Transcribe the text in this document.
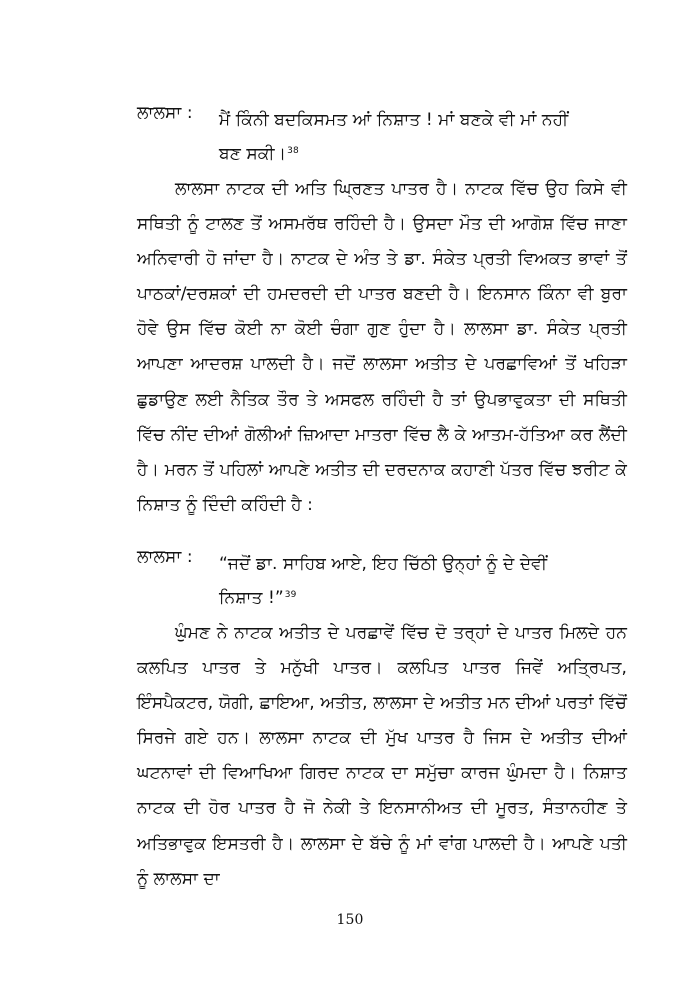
ਲਾਲਸਾ : ਮੈਂ ਕਿੰਨੀ ਬਦਕਿਸਮਤ ਆਂ ਨਿਸ਼ਾਤ ! ਮਾਂ ਬਣਕੇ ਵੀ ਮਾਂ ਨਹੀਂ

ਬਣ ਸਕੀ।$^{38}$

ਲਾਲਸਾ ਨਾਟਕ ਦੀ ਅਤਿ ਘ੍ਰਿਣਤ ਪਾਤਰ ਹੈ। ਨਾਟਕ ਵਿੱਚ ਉਹ ਕਿਸੇ ਵੀ ਸਥਿਤੀ ਨੂੰ ਟਾਲਣ ਤੋਂ ਅਸਮਰੱਥ ਰਹਿੰਦੀ ਹੈ। ਉਸਦਾ ਮੌਤ ਦੀ ਆਗੋਸ਼ ਵਿੱਚ ਜਾਣਾ ਅਨਿਵਾਰੀ ਹੋ ਜਾਂਦਾ ਹੈ। ਨਾਟਕ ਦੇ ਅੰਤ ਤੇ ਡਾ. ਸੰਕੇਤ ਪ੍ਰਤੀ ਵਿਅਕਤ ਭਾਵਾਂ ਤੋਂ ਪਾਠਕਾਂ/ਦਰਸ਼ਕਾਂ ਦੀ ਹਮਦਰਦੀ ਦੀ ਪਾਤਰ ਬਣਦੀ ਹੈ। ਇਨਸਾਨ ਕਿੰਨਾ ਵੀ ਬੁਰਾ ਹੋਵੇ ਉਸ ਵਿੱਚ ਕੋਈ ਨਾ ਕੋਈ ਚੰਗਾ ਗੁਣ ਹੁੰਦਾ ਹੈ। ਲਾਲਸਾ ਡਾ. ਸੰਕੇਤ ਪ੍ਰਤੀ ਆਪਣਾ ਆਦਰਸ਼ ਪਾਲਦੀ ਹੈ। ਜਦੋਂ ਲਾਲਸਾ ਅਤੀਤ ਦੇ ਪਰਛਾਵਿਆਂ ਤੋਂ ਖਹਿੜਾ ਛੁਡਾਉਣ ਲਈ ਨੈਤਿਕ ਤੌਰ ਤੇ ਅਸਫਲ ਰਹਿੰਦੀ ਹੈ ਤਾਂ ਉਪਭਾਵੁਕਤਾ ਦੀ ਸਥਿਤੀ ਵਿੱਚ ਨੀਂਦ ਦੀਆਂ ਗੋਲੀਆਂ ਜ਼ਿਆਦਾ ਮਾਤਰਾ ਵਿੱਚ ਲੈ ਕੇ ਆਤਮ-ਹੱਤਿਆ ਕਰ ਲੈਂਦੀ ਹੈ। ਮਰਨ ਤੋਂ ਪਹਿਲਾਂ ਆਪਣੇ ਅਤੀਤ ਦੀ ਦਰਦਨਾਕ ਕਹਾਣੀ ਪੱਤਰ ਵਿੱਚ ਝਰੀਟ ਕੇ ਨਿਸ਼ਾਤ ਨੂੰ ਦਿੰਦੀ ਕਹਿੰਦੀ ਹੈ :

ਲਾਲਸਾ : “ਜਦੋਂ ਡਾ. ਸਾਹਿਬ ਆਏ, ਇਹ ਚਿੱਠੀ ਉਨ੍ਹਾਂ ਨੂੰ ਦੇ ਦੇਵੀਂ

ਨਿਸ਼ਾਤ !”$^{39}$

ਘੁੰਮਣ ਨੇ ਨਾਟਕ ਅਤੀਤ ਦੇ ਪਰਛਾਵੇਂ ਵਿੱਚ ਦੋ ਤਰ੍ਹਾਂ ਦੇ ਪਾਤਰ ਮਿਲਦੇ ਹਨ ਕਲਪਿਤ ਪਾਤਰ ਤੇ ਮਨੁੱਖੀ ਪਾਤਰ। ਕਲਪਿਤ ਪਾਤਰ ਜਿਵੇਂ ਅਤ੍ਰਿਪਤ, ਇੰਸਪੈਕਟਰ, ਯੋਗੀ, ਛਾਇਆ, ਅਤੀਤ, ਲਾਲਸਾ ਦੇ ਅਤੀਤ ਮਨ ਦੀਆਂ ਪਰਤਾਂ ਵਿੱਚੋਂ ਸਿਰਜੇ ਗਏ ਹਨ। ਲਾਲਸਾ ਨਾਟਕ ਦੀ ਮੁੱਖ ਪਾਤਰ ਹੈ ਜਿਸ ਦੇ ਅਤੀਤ ਦੀਆਂ ਘਟਨਾਵਾਂ ਦੀ ਵਿਆਖਿਆ ਗਿਰਦ ਨਾਟਕ ਦਾ ਸਮੁੱਚਾ ਕਾਰਜ ਘੁੰਮਦਾ ਹੈ। ਨਿਸ਼ਾਤ ਨਾਟਕ ਦੀ ਹੋਰ ਪਾਤਰ ਹੈ ਜੋ ਨੇਕੀ ਤੇ ਇਨਸਾਨੀਅਤ ਦੀ ਮੂਰਤ, ਸੰਤਾਨਹੀਣ ਤੇ ਅਤਿਭਾਵੁਕ ਇਸਤਰੀ ਹੈ। ਲਾਲਸਾ ਦੇ ਬੱਚੇ ਨੂੰ ਮਾਂ ਵਾਂਗ ਪਾਲਦੀ ਹੈ। ਆਪਣੇ ਪਤੀ ਨੂੰ ਲਾਲਸਾ ਦਾ

150
